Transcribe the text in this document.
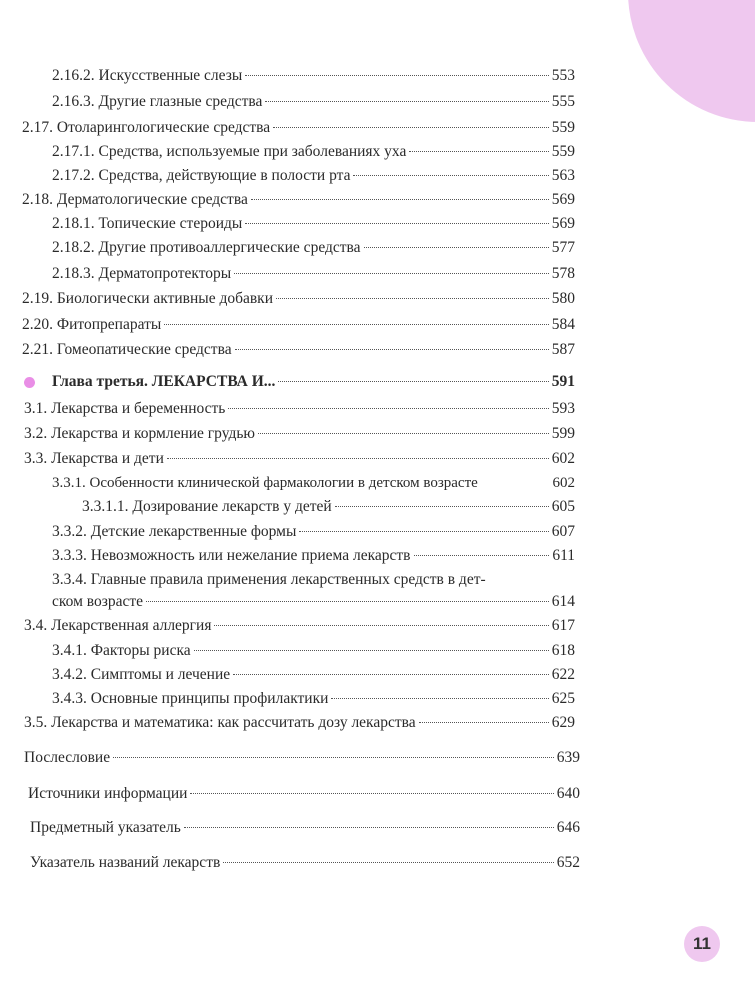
2.16.2. Искусственные слезы	553
2.16.3. Другие глазные средства	555
2.17. Отоларингологические средства	559
2.17.1. Средства, используемые при заболеваниях уха	559
2.17.2. Средства, действующие в полости рта	563
2.18. Дерматологические средства	569
2.18.1. Топические стероиды	569
2.18.2. Другие противоаллергические средства	577
2.18.3. Дерматопротекторы	578
2.19. Биологически активные добавки	580
2.20. Фитопрепараты	584
2.21. Гомеопатические средства	587
Глава третья. ЛЕКАРСТВА И...	591
3.1. Лекарства и беременность	593
3.2. Лекарства и кормление грудью	599
3.3. Лекарства и дети	602
3.3.1. Особенности клинической фармакологии в детском возрасте	602
3.3.1.1. Дозирование лекарств у детей	605
3.3.2. Детские лекарственные формы	607
3.3.3. Невозможность или нежелание приема лекарств	611
3.3.4. Главные правила применения лекарственных средств в дет-
ском возрасте	614
3.4. Лекарственная аллергия	617
3.4.1. Факторы риска	618
3.4.2. Симптомы и лечение	622
3.4.3. Основные принципы профилактики	625
3.5. Лекарства и математика: как рассчитать дозу лекарства	629
Послесловие	639
Источники информации	640
Предметный указатель	646
Указатель названий лекарств	652
11
